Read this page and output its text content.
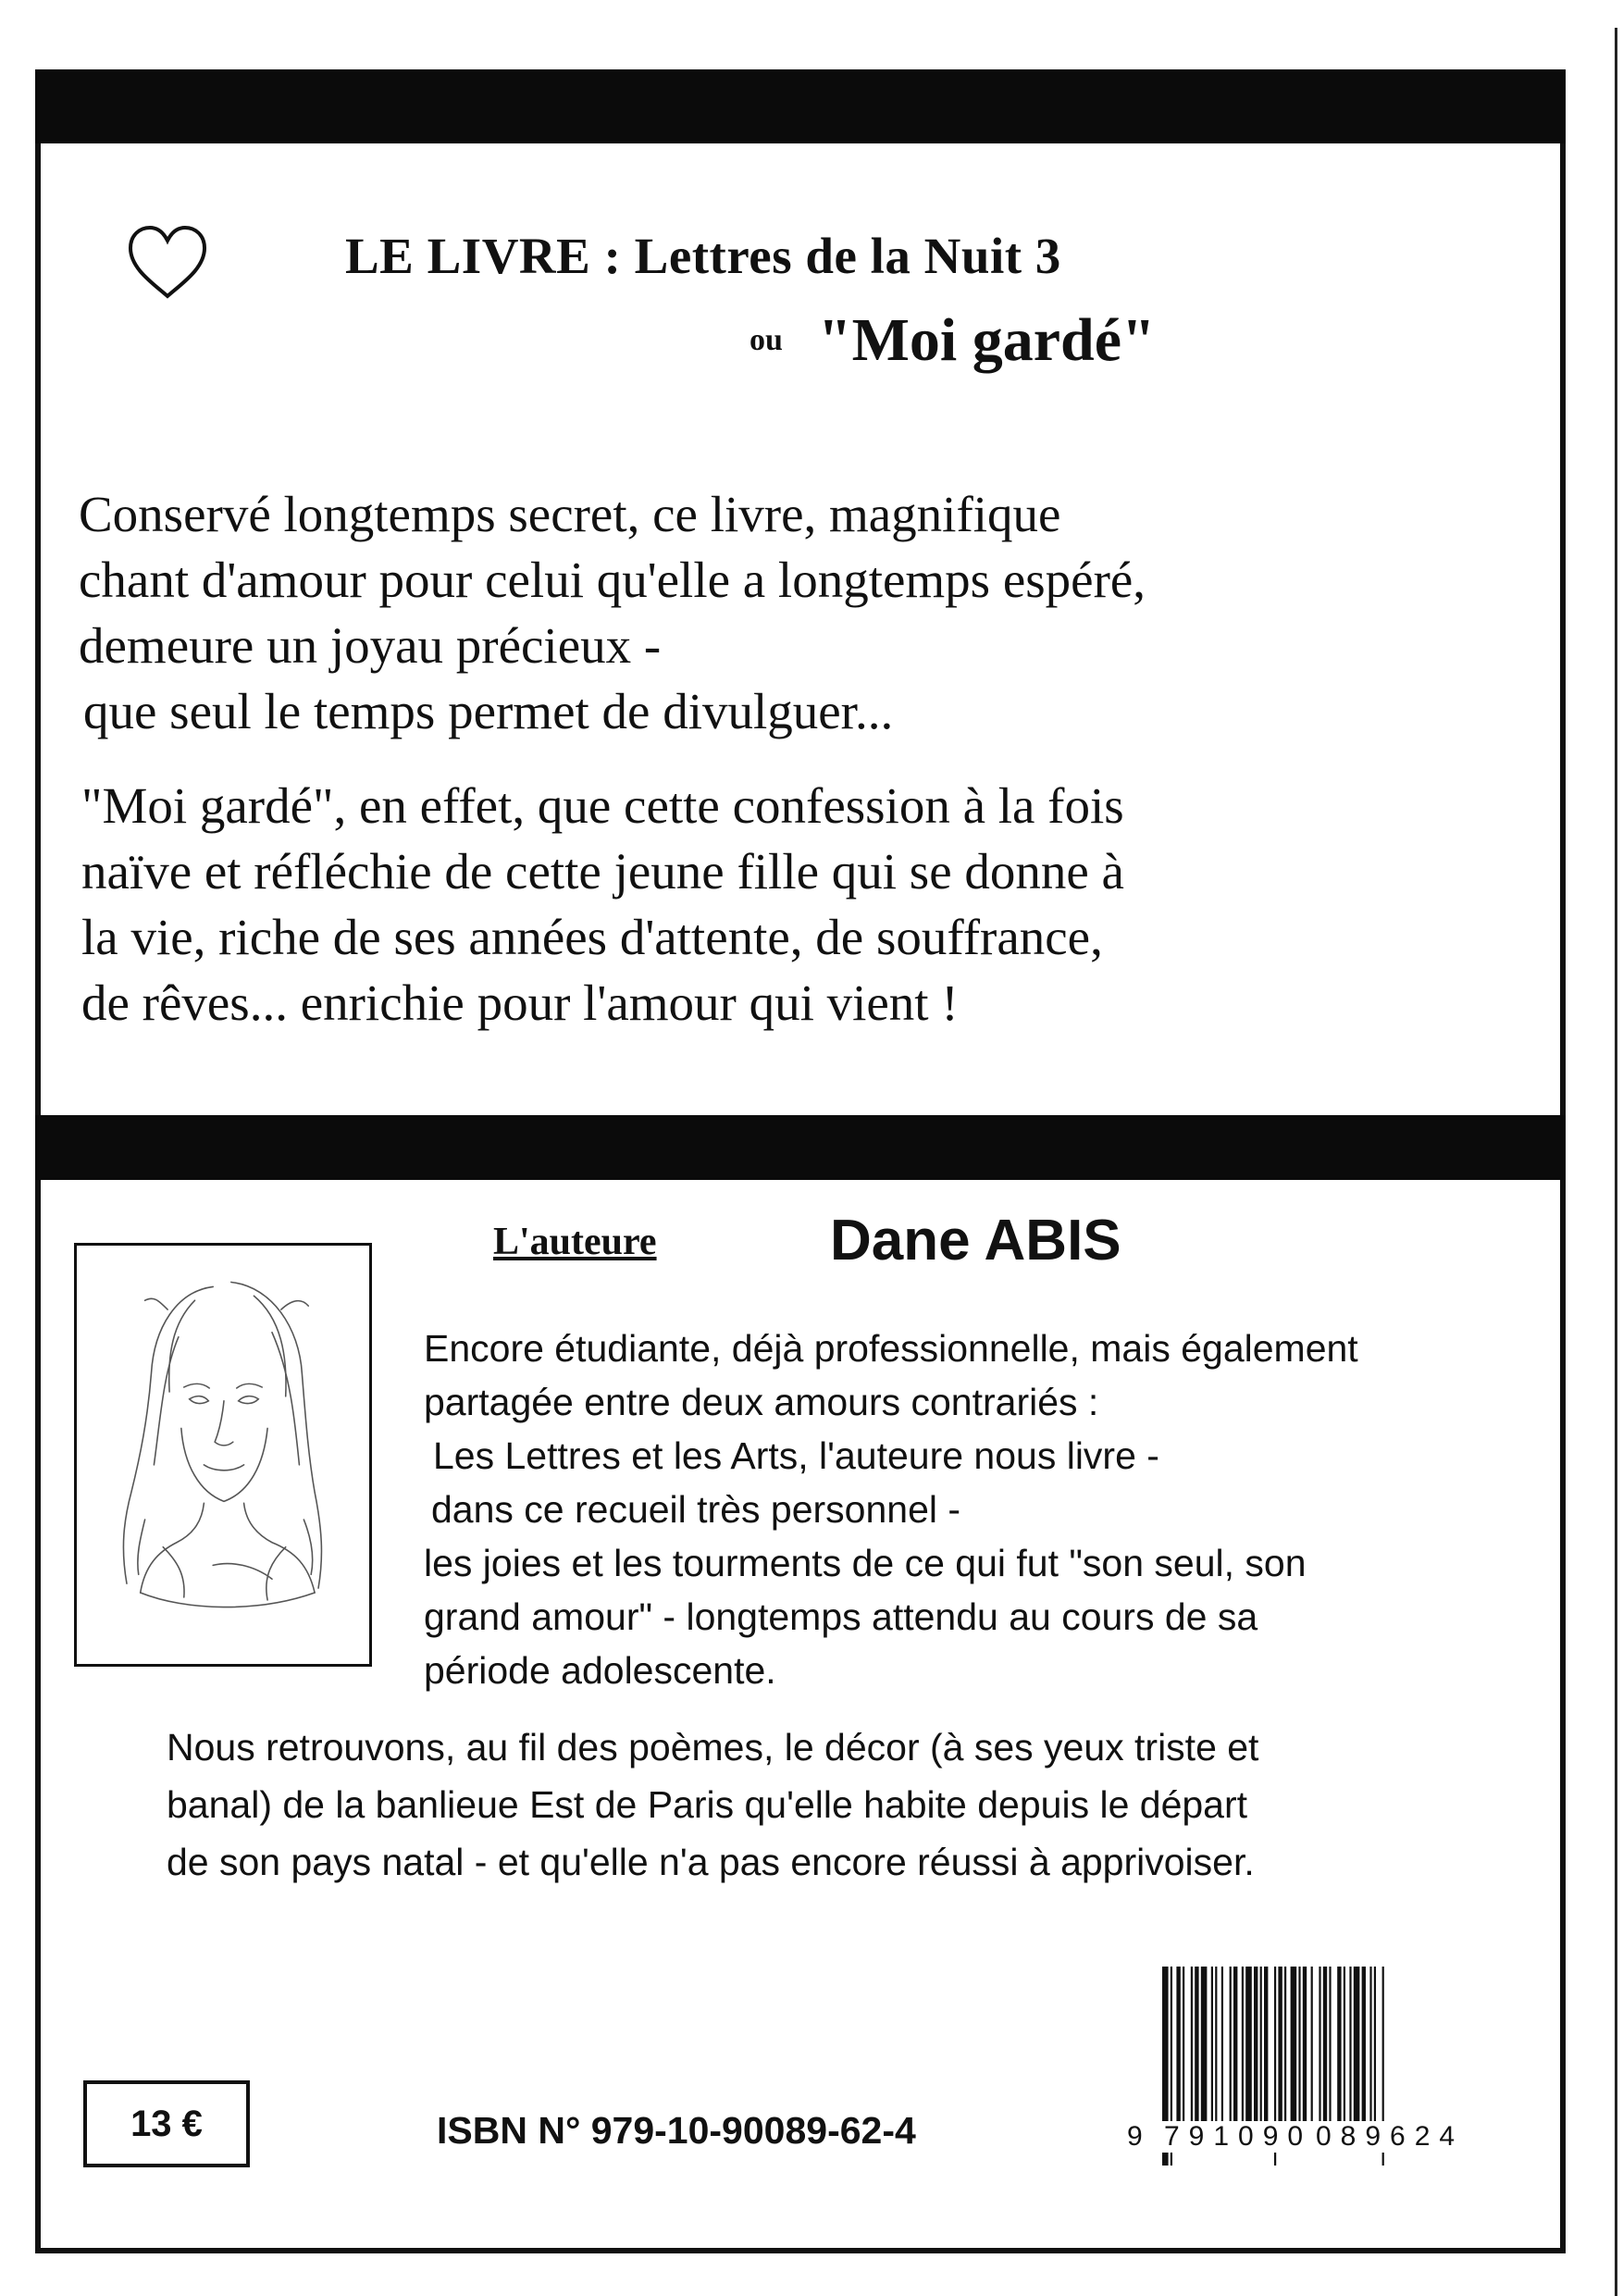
LE LIVRE : Lettres de la Nuit 3
ou "Moi gardé"
Conservé longtemps secret, ce livre, magnifique
chant d'amour pour celui qu'elle a longtemps espéré,
demeure un joyau précieux -
que seul le temps permet de divulguer...
"Moi gardé", en effet, que cette confession à la fois
naïve et réfléchie de cette jeune fille qui se donne à
la vie, riche de ses années d'attente, de souffrance,
de rêves... enrichie pour l'amour qui vient !
L'auteure	Dane ABIS
Encore étudiante, déjà professionnelle, mais également
partagée entre deux amours contrariés :
Les Lettres et les Arts, l'auteure nous livre -
dans ce recueil très personnel -
les joies et les tourments de ce qui fut "son seul, son
grand amour" - longtemps attendu au cours de sa
période adolescente.
Nous retrouvons, au fil des poèmes, le décor (à ses yeux triste et
banal) de la banlieue Est de Paris qu'elle habite depuis le départ
de son pays natal - et qu'elle n'a pas encore réussi à apprivoiser.
9 791090 089624
13 €	ISBN N° 979-10-90089-62-4
